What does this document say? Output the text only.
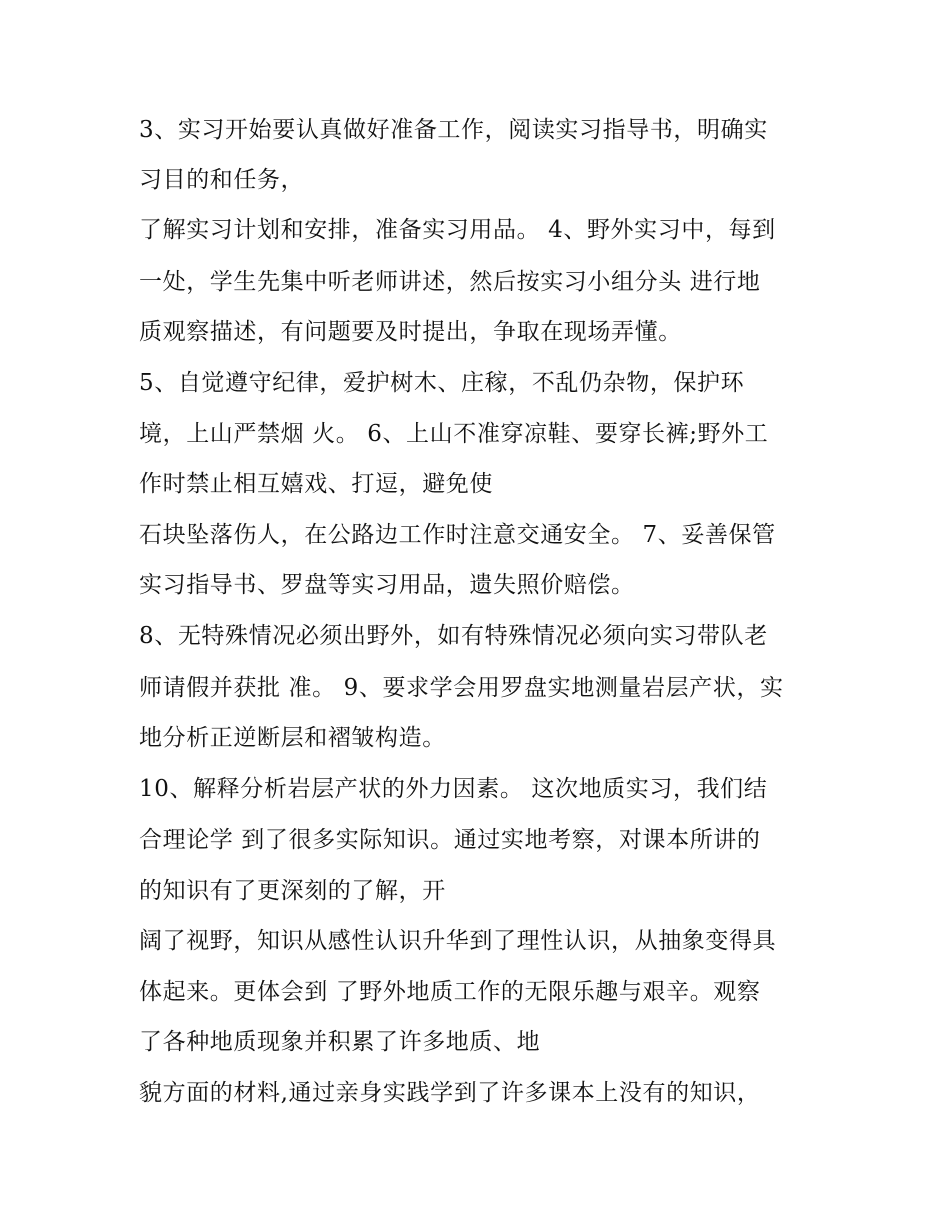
3、实习开始要认真做好准备工作，阅读实习指导书，明确实
习目的和任务，
了解实习计划和安排，准备实习用品。 4、野外实习中，每到
一处，学生先集中听老师讲述，然后按实习小组分头 进行地
质观察描述，有问题要及时提出，争取在现场弄懂。
5、自觉遵守纪律，爱护树木、庄稼，不乱仍杂物，保护环
境，上山严禁烟 火。 6、上山不准穿凉鞋、要穿长裤;野外工
作时禁止相互嬉戏、打逗，避免使
石块坠落伤人，在公路边工作时注意交通安全。 7、妥善保管
实习指导书、罗盘等实习用品，遗失照价赔偿。
8、无特殊情况必须出野外，如有特殊情况必须向实习带队老
师请假并获批 准。 9、要求学会用罗盘实地测量岩层产状，实
地分析正逆断层和褶皱构造。
10、解释分析岩层产状的外力因素。 这次地质实习，我们结
合理论学 到了很多实际知识。通过实地考察，对课本所讲的
的知识有了更深刻的了解，开
阔了视野，知识从感性认识升华到了理性认识，从抽象变得具
体起来。更体会到 了野外地质工作的无限乐趣与艰辛。观察
了各种地质现象并积累了许多地质、地
貌方面的材料,通过亲身实践学到了许多课本上没有的知识，
